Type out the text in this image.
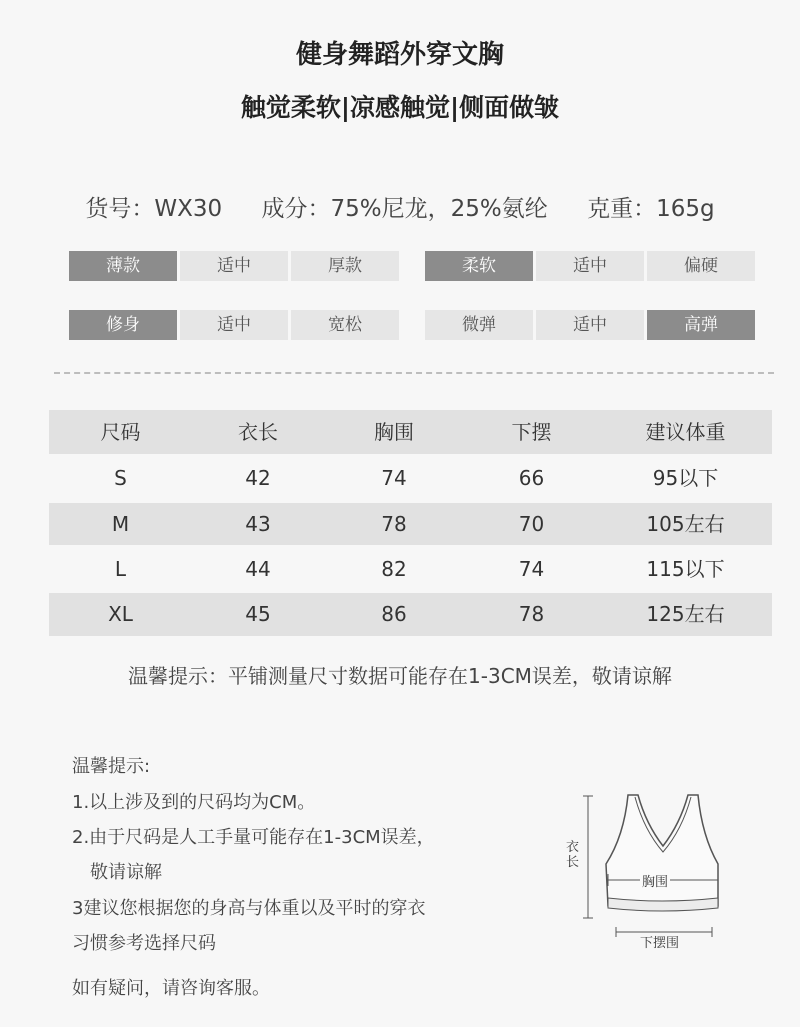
健身舞蹈外穿文胸
触觉柔软|凉感触觉|侧面做皱
货号：WX30 成分：75%尼龙，25%氨纶 克重：165g
薄款	适中	厚款	柔软	适中	偏硬
修身	适中	宽松	微弹	适中	高弹
尺码	衣长	胸围	下摆	建议体重
S	42	74	66	95以下
M	43	78	70	105左右
L	44	82	74	115以下
XL	45	86	78	125左右
温馨提示：平铺测量尺寸数据可能存在1-3CM误差，敬请谅解
温馨提示:
1.以上涉及到的尺码均为CM。
2.由于尺码是人工手量可能存在1-3CM误差，
敬请谅解
3建议您根据您的身高与体重以及平时的穿衣
习惯参考选择尺码
如有疑问，请咨询客服。
衣长
胸围
下摆围
